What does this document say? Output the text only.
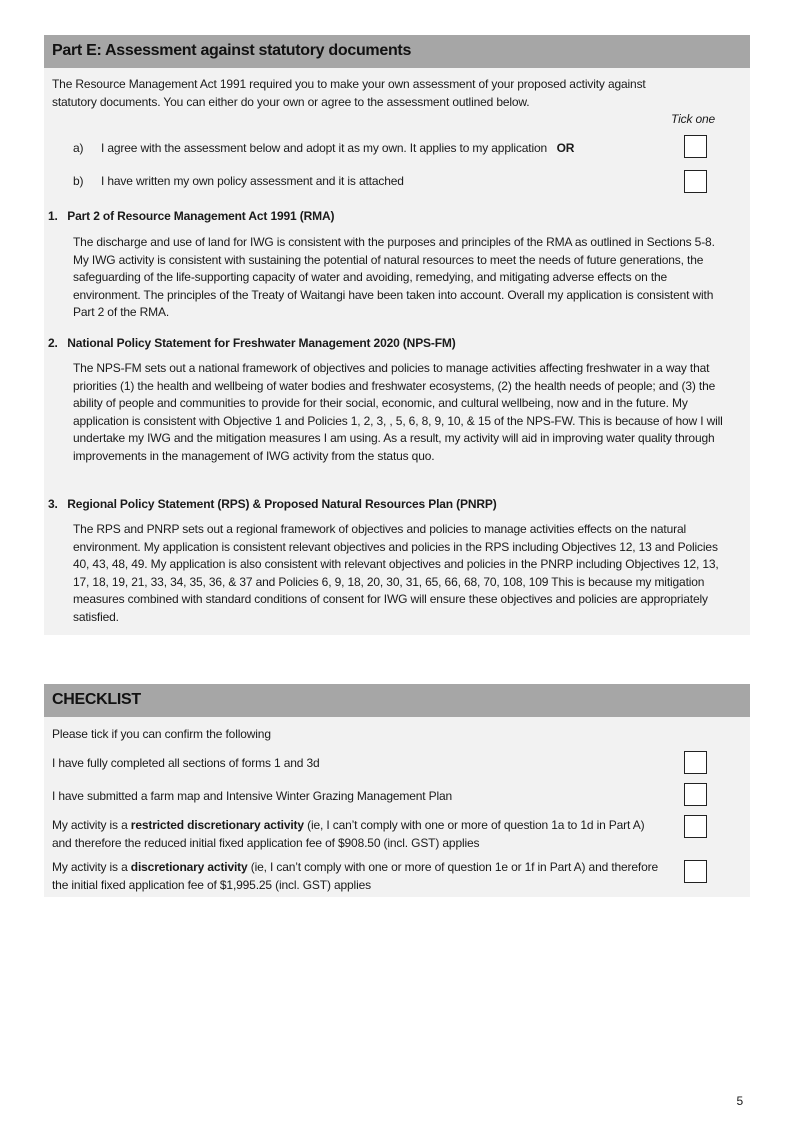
Part E: Assessment against statutory documents
The Resource Management Act 1991 required you to make your own assessment of your proposed activity against statutory documents. You can either do your own or agree to the assessment outlined below.
Tick one
a) I agree with the assessment below and adopt it as my own. It applies to my application OR
b) I have written my own policy assessment and it is attached
1. Part 2 of Resource Management Act 1991 (RMA)
The discharge and use of land for IWG is consistent with the purposes and principles of the RMA as outlined in Sections 5-8. My IWG activity is consistent with sustaining the potential of natural resources to meet the needs of future generations, the safeguarding of the life-supporting capacity of water and avoiding, remedying, and mitigating adverse effects on the environment. The principles of the Treaty of Waitangi have been taken into account. Overall my application is consistent with Part 2 of the RMA.
2. National Policy Statement for Freshwater Management 2020 (NPS-FM)
The NPS-FM sets out a national framework of objectives and policies to manage activities affecting freshwater in a way that priorities (1) the health and wellbeing of water bodies and freshwater ecosystems, (2) the health needs of people; and (3) the ability of people and communities to provide for their social, economic, and cultural wellbeing, now and in the future. My application is consistent with Objective 1 and Policies 1, 2, 3, , 5, 6, 8, 9, 10, & 15 of the NPS-FW. This is because of how I will undertake my IWG and the mitigation measures I am using. As a result, my activity will aid in improving water quality through improvements in the management of IWG activity from the status quo.
3. Regional Policy Statement (RPS) & Proposed Natural Resources Plan (PNRP)
The RPS and PNRP sets out a regional framework of objectives and policies to manage activities effects on the natural environment. My application is consistent relevant objectives and policies in the RPS including Objectives 12, 13 and Policies 40, 43, 48, 49. My application is also consistent with relevant objectives and policies in the PNRP including Objectives 12, 13, 17, 18, 19, 21, 33, 34, 35, 36, & 37 and Policies 6, 9, 18, 20, 30, 31, 65, 66, 68, 70, 108, 109 This is because my mitigation measures combined with standard conditions of consent for IWG will ensure these objectives and policies are appropriately satisfied.
CHECKLIST
Please tick if you can confirm the following
I have fully completed all sections of forms 1 and 3d
I have submitted a farm map and Intensive Winter Grazing Management Plan
My activity is a restricted discretionary activity (ie, I can’t comply with one or more of question 1a to 1d in Part A) and therefore the reduced initial fixed application fee of $908.50 (incl. GST) applies
My activity is a discretionary activity (ie, I can’t comply with one or more of question 1e or 1f in Part A) and therefore the initial fixed application fee of $1,995.25 (incl. GST) applies
5
